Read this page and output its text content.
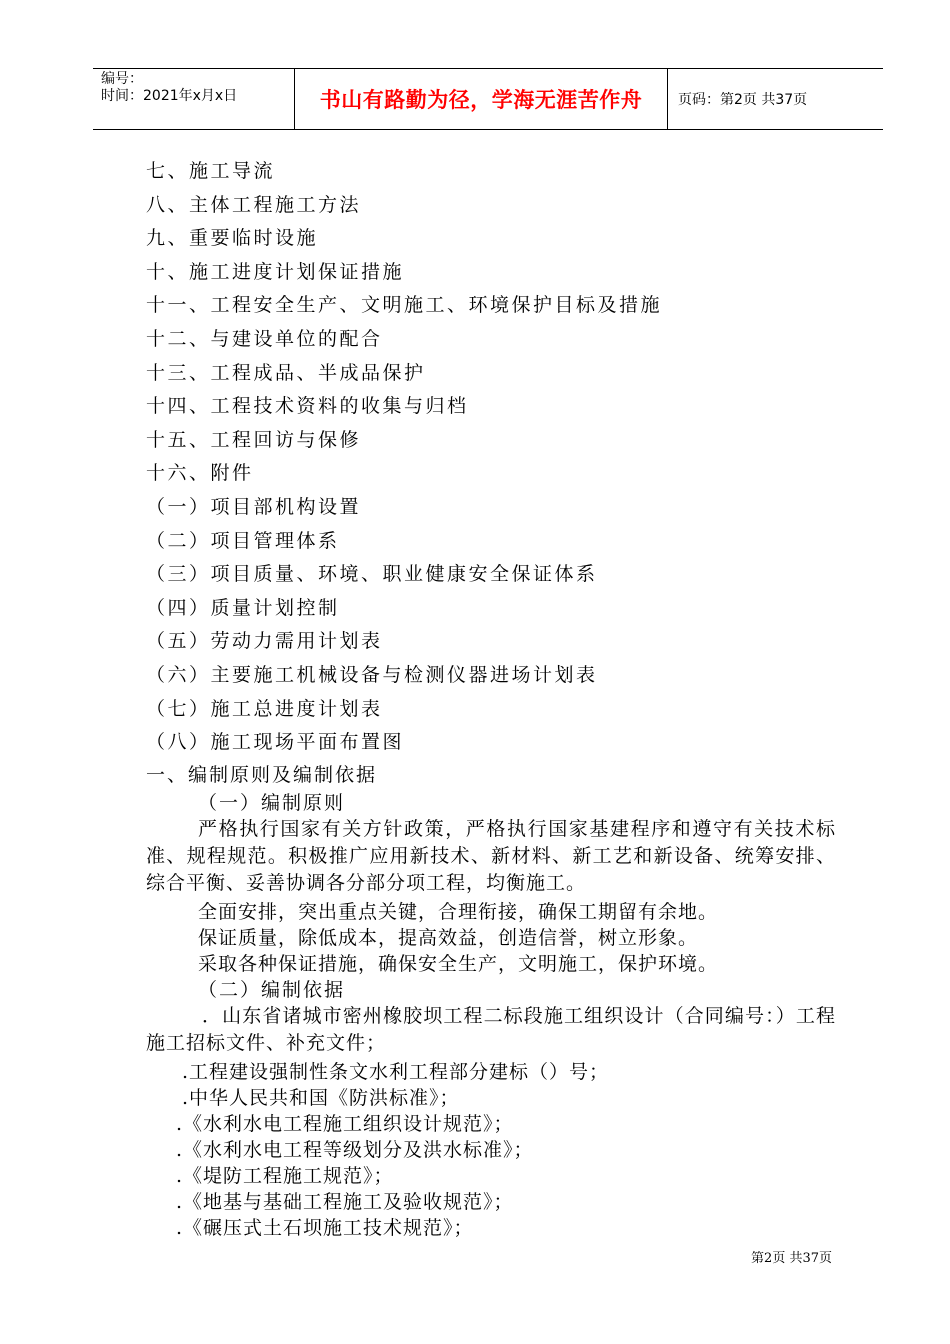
编号：
时间：2021年x月x日	书山有路勤为径，学海无涯苦作舟	页码：第2页 共37页
七、施工导流
八、主体工程施工方法
九、重要临时设施
十、施工进度计划保证措施
十一、工程安全生产、文明施工、环境保护目标及措施
十二、与建设单位的配合
十三、工程成品、半成品保护
十四、工程技术资料的收集与归档
十五、工程回访与保修
十六、附件
（一）项目部机构设置
（二）项目管理体系
（三）项目质量、环境、职业健康安全保证体系
（四）质量计划控制
（五）劳动力需用计划表
（六）主要施工机械设备与检测仪器进场计划表
（七）施工总进度计划表
（八）施工现场平面布置图
一、编制原则及编制依据
（一）编制原则
严格执行国家有关方针政策，严格执行国家基建程序和遵守有关技术标准、规程规范。积极推广应用新技术、新材料、新工艺和新设备、统筹安排、综合平衡、妥善协调各分部分项工程，均衡施工。
全面安排，突出重点关键，合理衔接，确保工期留有余地。
保证质量，除低成本，提高效益，创造信誉，树立形象。
采取各种保证措施，确保安全生产，文明施工，保护环境。
（二）编制依据
．山东省诸城市密州橡胶坝工程二标段施工组织设计（合同编号：）工程施工招标文件、补充文件；
.工程建设强制性条文水利工程部分建标（）号；
.中华人民共和国《防洪标准》；
.《水利水电工程施工组织设计规范》；
.《水利水电工程等级划分及洪水标准》；
.《堤防工程施工规范》；
.《地基与基础工程施工及验收规范》；
.《碾压式土石坝施工技术规范》；
第2页 共37页
